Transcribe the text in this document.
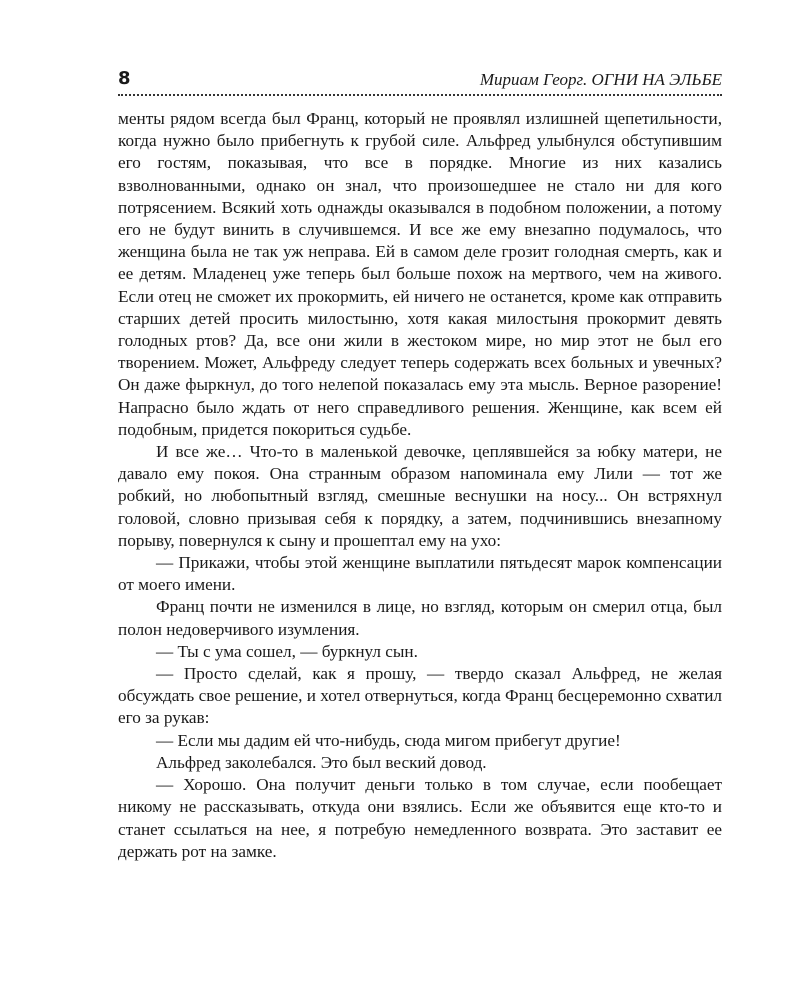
8	Мириам Георг. ОГНИ НА ЭЛЬБЕ

менты рядом всегда был Франц, который не проявлял излишней щепетильности, когда нужно было прибегнуть к грубой силе. Альфред улыбнулся обступившим его гостям, показывая, что все в порядке. Многие из них казались взволнованными, однако он знал, что произошедшее не стало ни для кого потрясением. Всякий хоть однажды оказывался в подобном положении, а потому его не будут винить в случившемся. И все же ему внезапно подумалось, что женщина была не так уж неправа. Ей в самом деле грозит голодная смерть, как и ее детям. Младенец уже теперь был больше похож на мертвого, чем на живого. Если отец не сможет их прокормить, ей ничего не останется, кроме как отправить старших детей просить милостыню, хотя какая милостыня прокормит девять голодных ртов? Да, все они жили в жестоком мире, но мир этот не был его творением. Может, Альфреду следует теперь содержать всех больных и увечных? Он даже фыркнул, до того нелепой показалась ему эта мысль. Верное разорение! Напрасно было ждать от него справедливого решения. Женщине, как всем ей подобным, придется покориться судьбе.

И все же… Что-то в маленькой девочке, цеплявшейся за юбку матери, не давало ему покоя. Она странным образом напоминала ему Лили — тот же робкий, но любопытный взгляд, смешные веснушки на носу... Он встряхнул головой, словно призывая себя к порядку, а затем, подчинившись внезапному порыву, повернулся к сыну и прошептал ему на ухо:

— Прикажи, чтобы этой женщине выплатили пятьдесят марок компенсации от моего имени.

Франц почти не изменился в лице, но взгляд, которым он смерил отца, был полон недоверчивого изумления.

— Ты с ума сошел, — буркнул сын.

— Просто сделай, как я прошу, — твердо сказал Альфред, не желая обсуждать свое решение, и хотел отвернуться, когда Франц бесцеремонно схватил его за рукав:

— Если мы дадим ей что-нибудь, сюда мигом прибегут другие!

Альфред заколебался. Это был веский довод.

— Хорошо. Она получит деньги только в том случае, если пообещает никому не рассказывать, откуда они взялись. Если же объявится еще кто-то и станет ссылаться на нее, я потребую немедленного возврата. Это заставит ее держать рот на замке.
